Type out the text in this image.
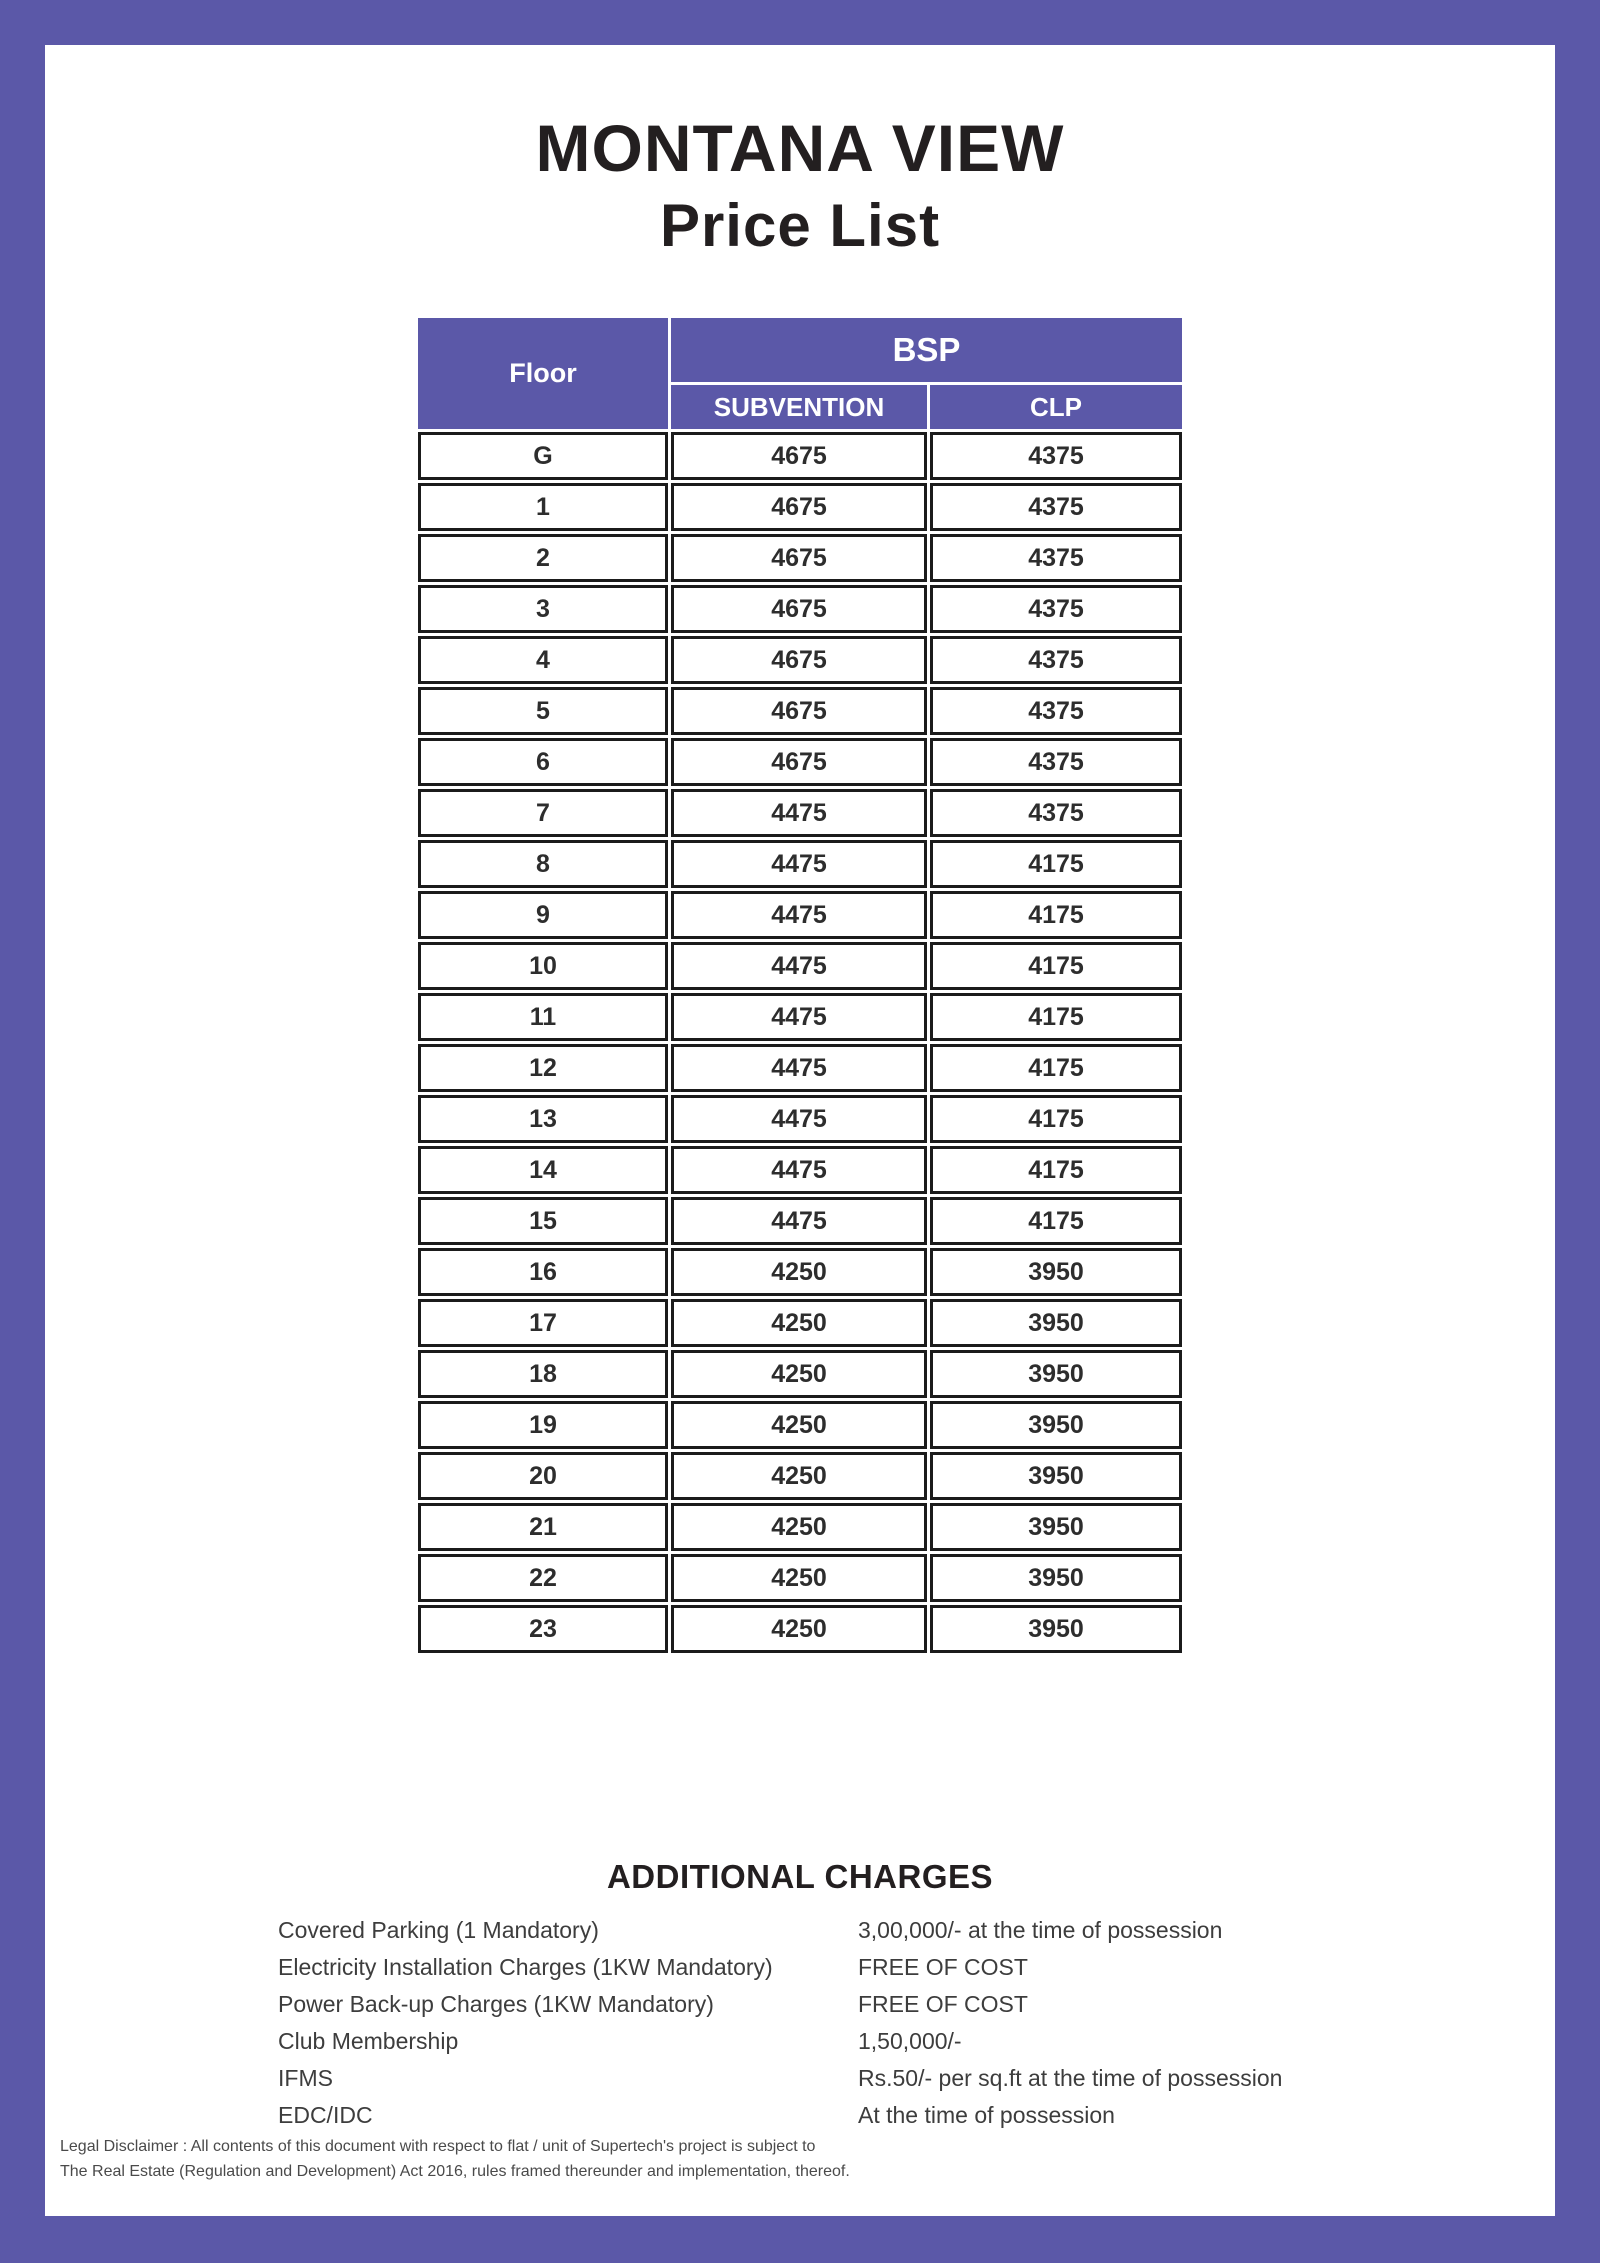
MONTANA VIEW
Price List
Floor	BSP	
	SUBVENTION	CLP
G	4675	4375
1	4675	4375
2	4675	4375
3	4675	4375
4	4675	4375
5	4675	4375
6	4675	4375
7	4475	4375
8	4475	4175
9	4475	4175
10	4475	4175
11	4475	4175
12	4475	4175
13	4475	4175
14	4475	4175
15	4475	4175
16	4250	3950
17	4250	3950
18	4250	3950
19	4250	3950
20	4250	3950
21	4250	3950
22	4250	3950
23	4250	3950
ADDITIONAL CHARGES
Covered Parking (1 Mandatory)	3,00,000/- at the time of possession
Electricity Installation Charges (1KW Mandatory)	FREE OF COST
Power Back-up Charges (1KW Mandatory)	FREE OF COST
Club Membership	1,50,000/-
IFMS	Rs.50/- per sq.ft at the time of possession
EDC/IDC	At the time of possession
Legal Disclaimer : All contents of this document with respect to flat / unit of Supertech's project is subject to
The Real Estate (Regulation and Development) Act 2016, rules framed thereunder and implementation, thereof.
